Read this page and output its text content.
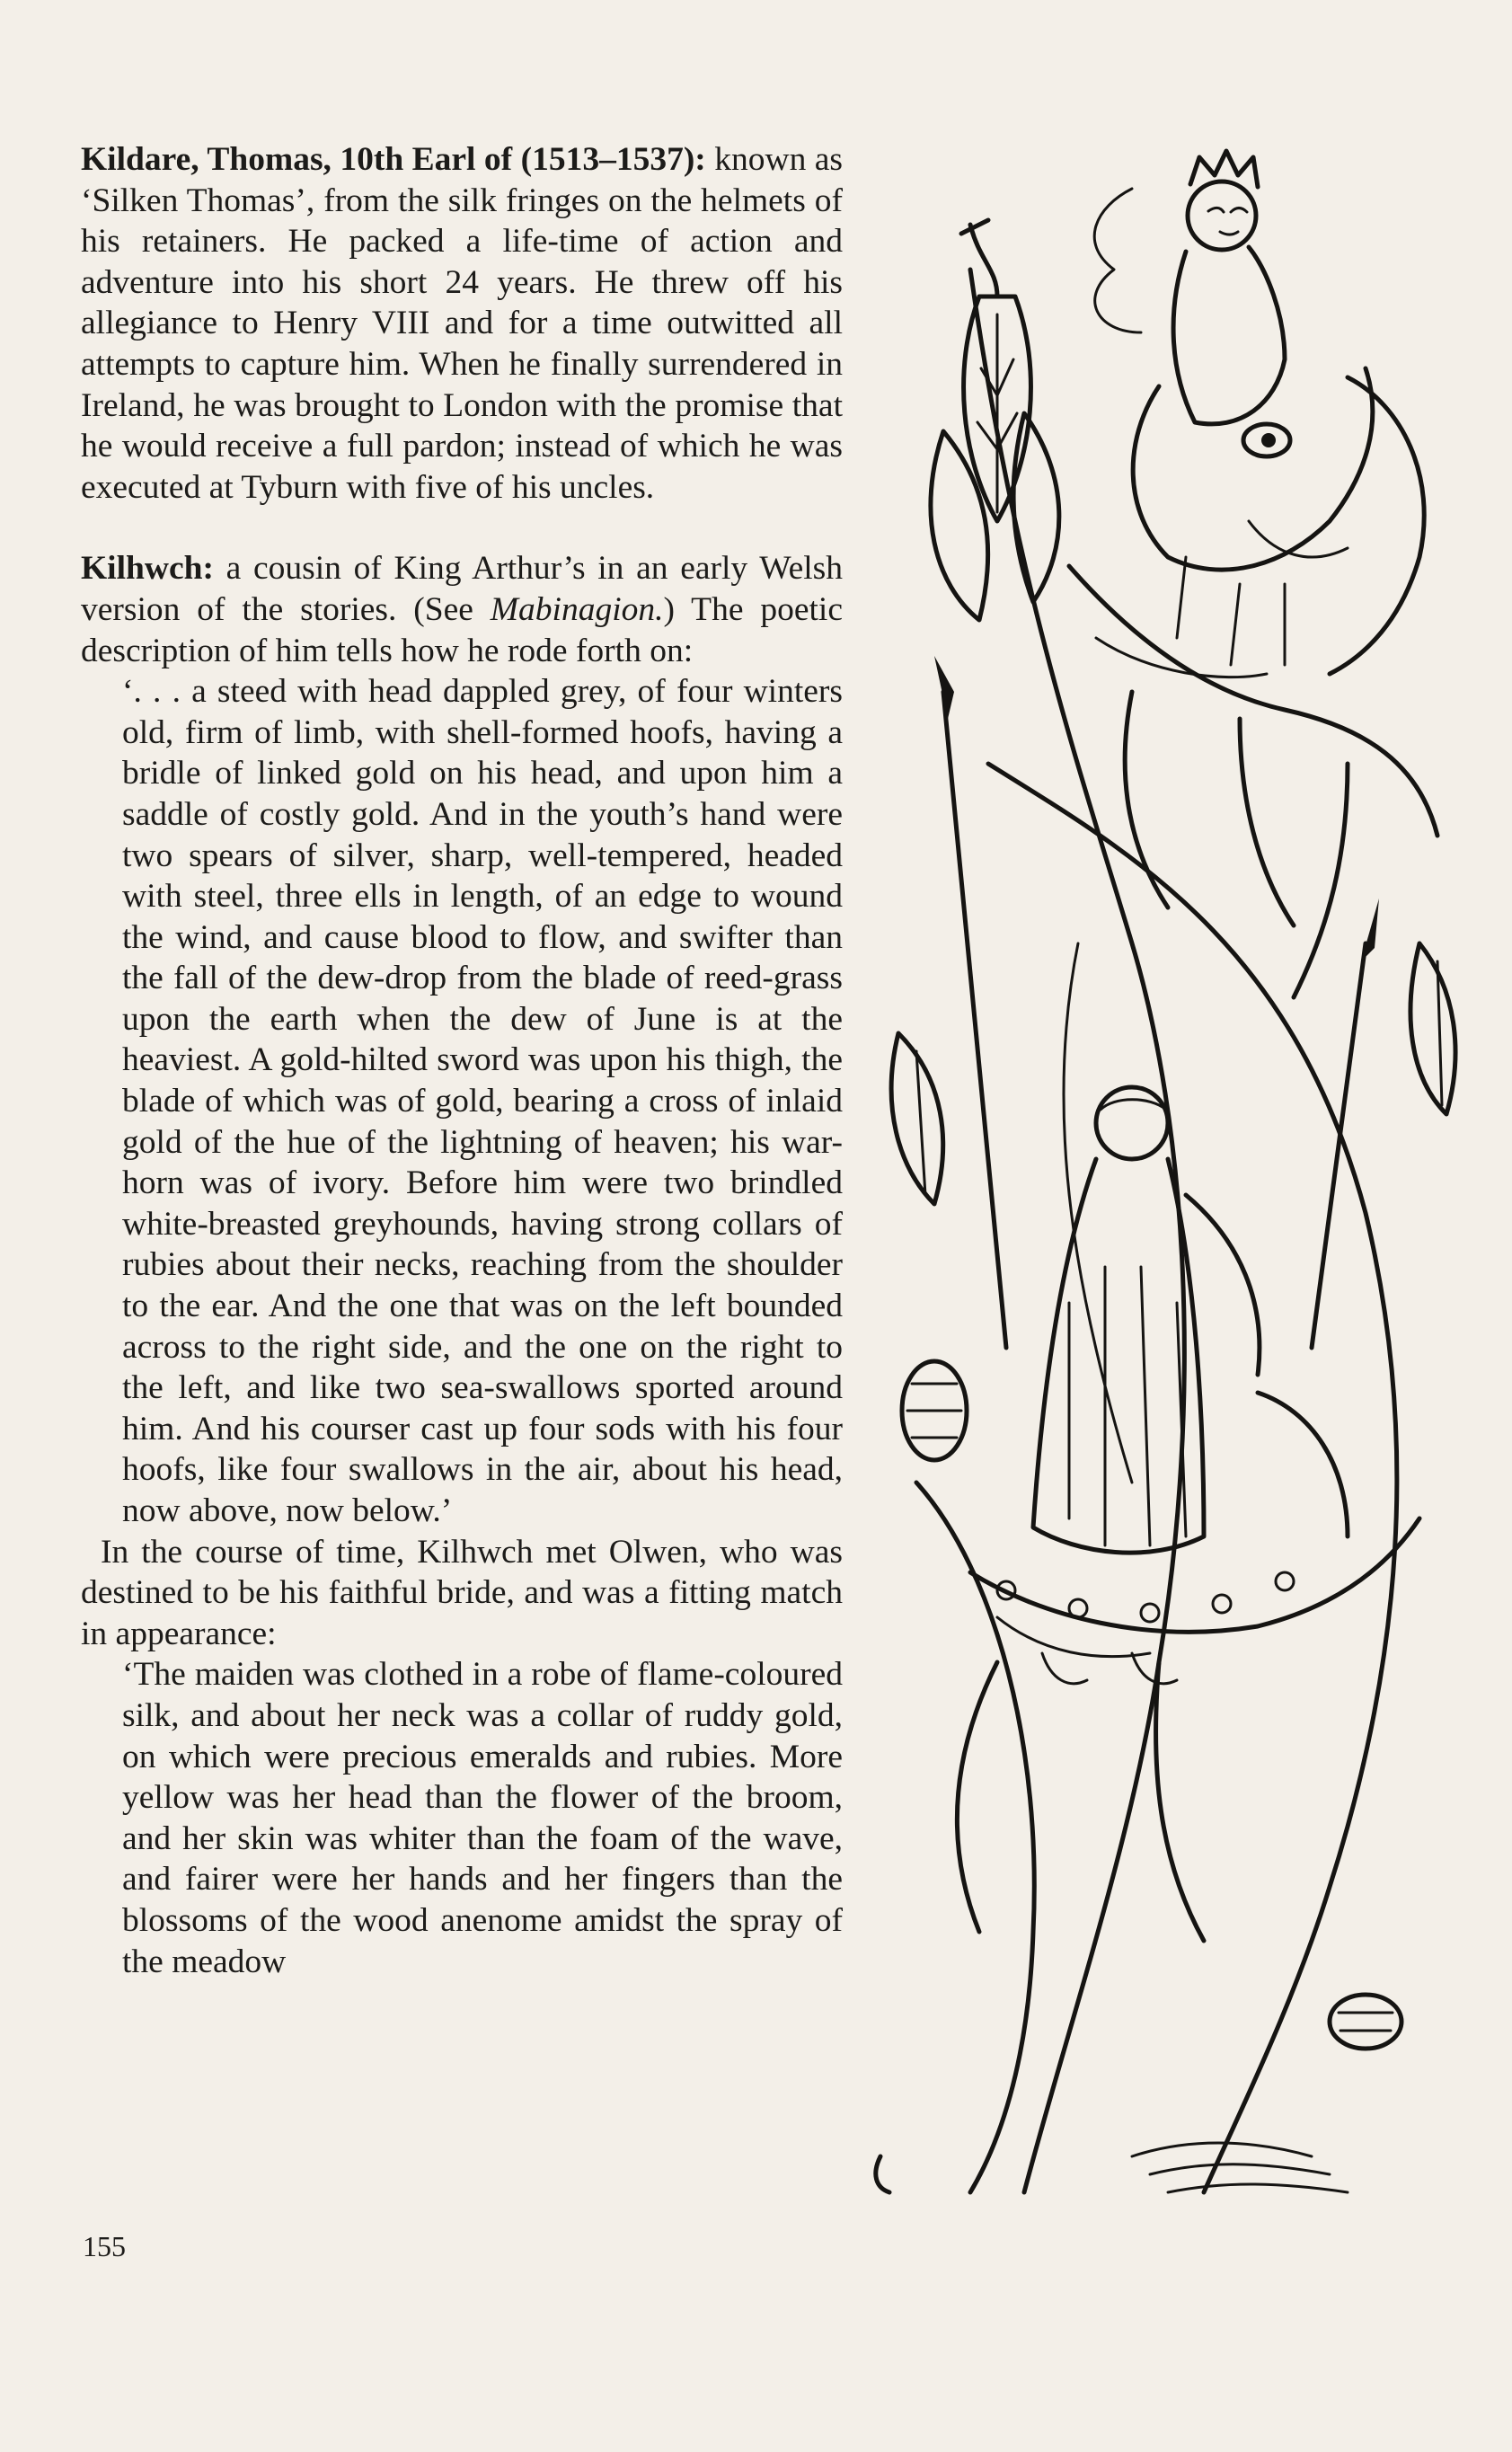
Kildare, Thomas, 10th Earl of (1513–1537): known as ‘Silken Thomas’, from the silk fringes on the helmets of his retainers. He packed a life-time of action and adventure into his short 24 years. He threw off his allegiance to Henry VIII and for a time outwitted all attempts to capture him. When he finally surrendered in Ireland, he was brought to London with the promise that he would receive a full pardon; instead of which he was executed at Tyburn with five of his uncles.

Kilhwch: a cousin of King Arthur’s in an early Welsh version of the stories. (See Mabinagion.) The poetic description of him tells how he rode forth on:

‘. . . a steed with head dappled grey, of four winters old, firm of limb, with shell-formed hoofs, having a bridle of linked gold on his head, and upon him a saddle of costly gold. And in the youth’s hand were two spears of silver, sharp, well-tempered, headed with steel, three ells in length, of an edge to wound the wind, and cause blood to flow, and swifter than the fall of the dew-drop from the blade of reed-grass upon the earth when the dew of June is at the heaviest. A gold-hilted sword was upon his thigh, the blade of which was of gold, bearing a cross of inlaid gold of the hue of the lightning of heaven; his war-horn was of ivory. Before him were two brindled white-breasted greyhounds, having strong collars of rubies about their necks, reaching from the shoulder to the ear. And the one that was on the left bounded across to the right side, and the one on the right to the left, and like two sea-swallows sported around him. And his courser cast up four sods with his four hoofs, like four swallows in the air, about his head, now above, now below.’

In the course of time, Kilhwch met Olwen, who was destined to be his faithful bride, and was a fitting match in appearance:

‘The maiden was clothed in a robe of flame-coloured silk, and about her neck was a collar of ruddy gold, on which were precious emeralds and rubies. More yellow was her head than the flower of the broom, and her skin was whiter than the foam of the wave, and fairer were her hands and her fingers than the blossoms of the wood anenome amidst the spray of the meadow

155
